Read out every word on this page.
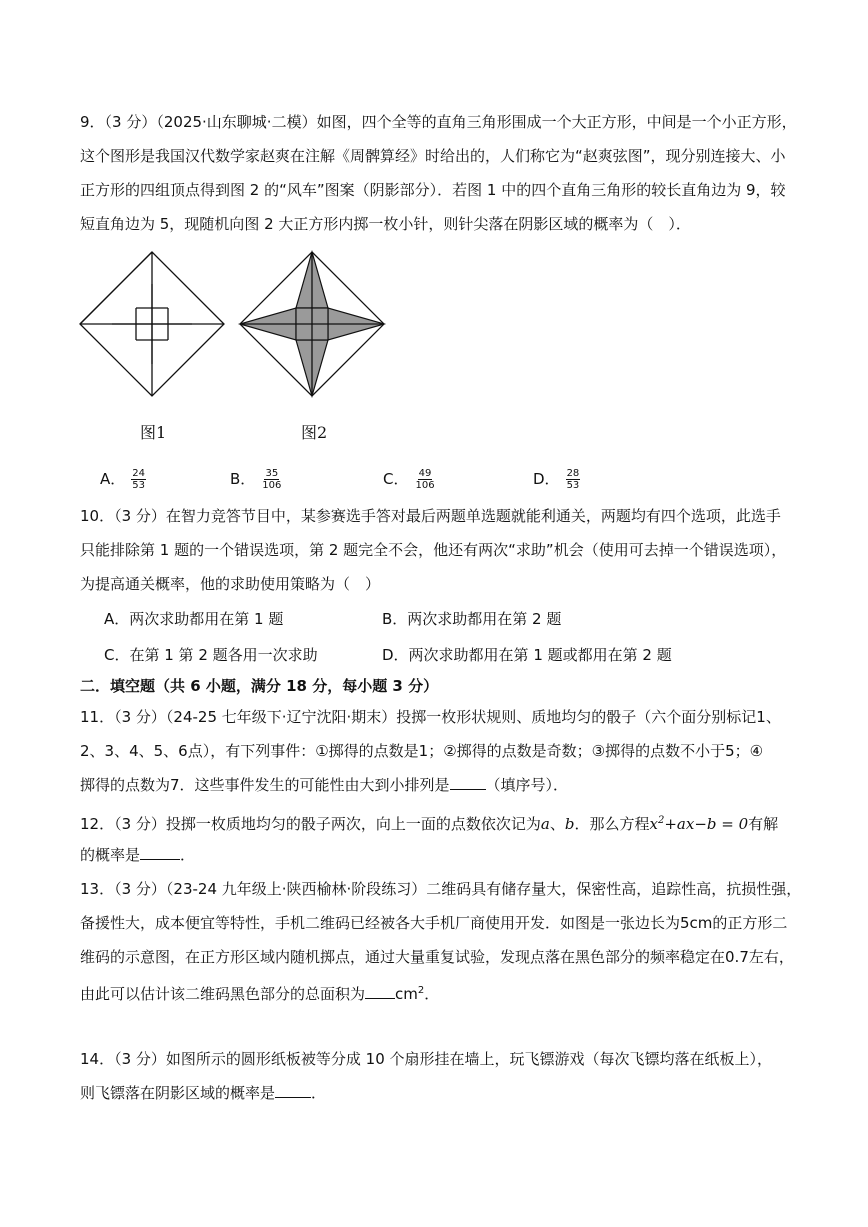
9．（3 分）（2025·山东聊城·二模）如图，四个全等的直角三角形围成一个大正方形，中间是一个小正方形，
这个图形是我国汉代数学家赵爽在注解《周髀算经》时给出的，人们称它为“赵爽弦图”，现分别连接大、小
正方形的四组顶点得到图 2 的“风车”图案（阴影部分）．若图 1 中的四个直角三角形的较长直角边为 9，较
短直角边为 5，现随机向图 2 大正方形内掷一枚小针，则针尖落在阴影区域的概率为（　）．
图1	图2
A． $\frac{24}{53}$	B． $\frac{35}{106}$	C． $\frac{49}{106}$	D． $\frac{28}{53}$
10．（3 分）在智力竞答节目中，某参赛选手答对最后两题单选题就能利通关，两题均有四个选项，此选手
只能排除第 1 题的一个错误选项，第 2 题完全不会，他还有两次“求助”机会（使用可去掉一个错误选项），
为提高通关概率，他的求助使用策略为（　）
A．两次求助都用在第 1 题	B．两次求助都用在第 2 题
C．在第 1 第 2 题各用一次求助	D．两次求助都用在第 1 题或都用在第 2 题
二．填空题（共 6 小题，满分 18 分，每小题 3 分）
11．（3 分）（24-25 七年级下·辽宁沈阳·期末）投掷一枚形状规则、质地均匀的骰子（六个面分别标记1、
2、3、4、5、6点），有下列事件：①掷得的点数是1；②掷得的点数是奇数；③掷得的点数不小于5；④
掷得的点数为7．这些事件发生的可能性由大到小排列是 （填序号）．
12．（3 分）投掷一枚质地均匀的骰子两次，向上一面的点数依次记为a、b．那么方程$x^2+ax-b = 0$有解
的概率是	．
13．（3 分）（23-24 九年级上·陕西榆林·阶段练习）二维码具有储存量大，保密性高，追踪性高，抗损性强，
备援性大，成本便宜等特性，手机二维码已经被各大手机厂商使用开发．如图是一张边长为5cm的正方形二
维码的示意图，在正方形区域内随机掷点，通过大量重复试验，发现点落在黑色部分的频率稳定在0.7左右，
由此可以估计该二维码黑色部分的总面积为 $cm^2$．
14．（3 分）如图所示的圆形纸板被等分成 10 个扇形挂在墙上，玩飞镖游戏（每次飞镖均落在纸板上），
则飞镖落在阴影区域的概率是 ．
